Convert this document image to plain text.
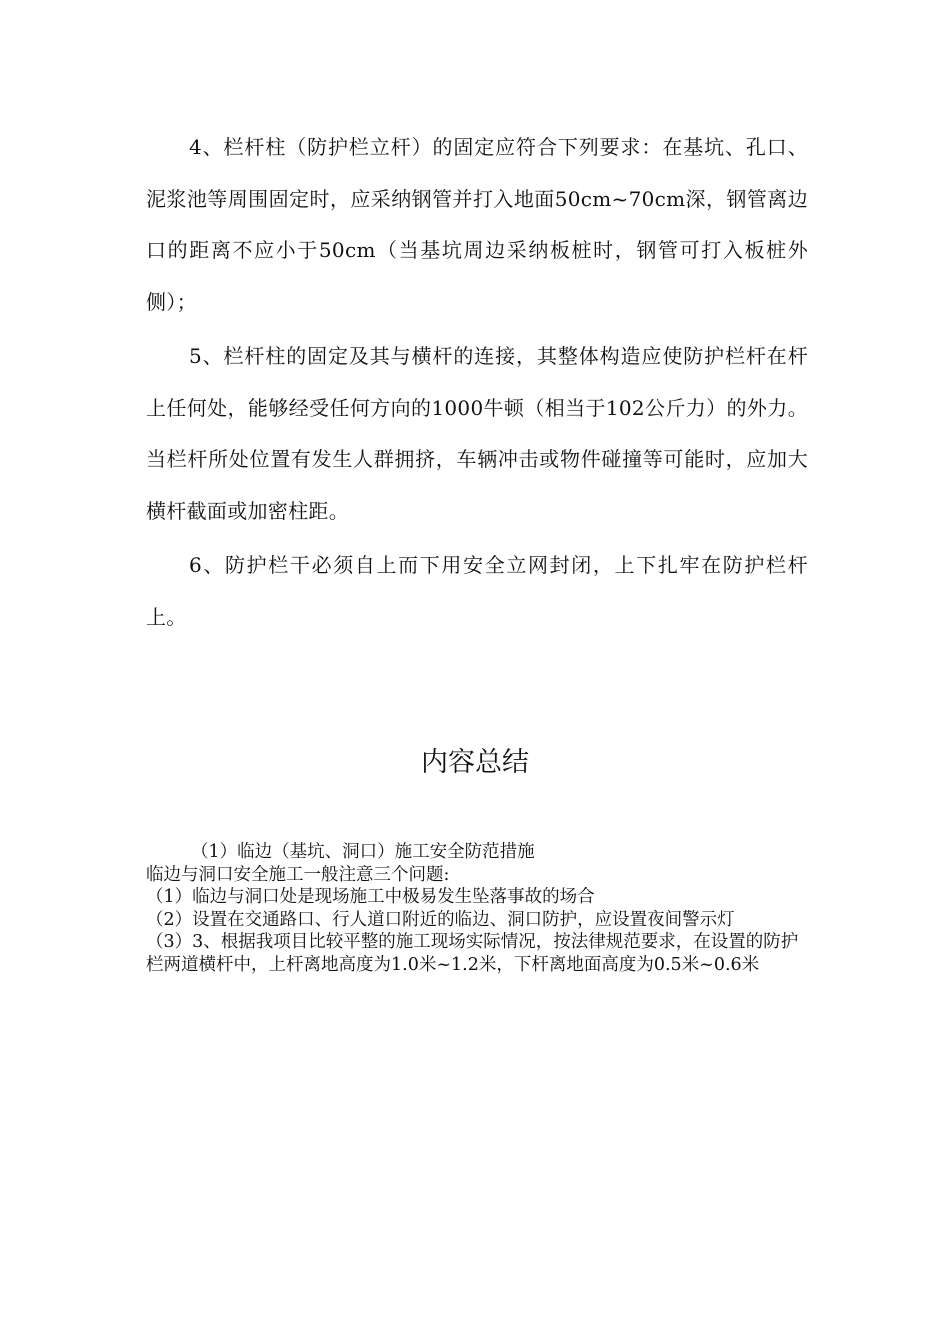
4、栏杆柱（防护栏立杆）的固定应符合下列要求：在基坑、孔口、泥浆池等周围固定时，应采纳钢管并打入地面50cm~70cm深，钢管离边口的距离不应小于50cm（当基坑周边采纳板桩时，钢管可打入板桩外侧）；

5、栏杆柱的固定及其与横杆的连接，其整体构造应使防护栏杆在杆上任何处，能够经受任何方向的1000牛顿（相当于102公斤力）的外力。当栏杆所处位置有发生人群拥挤，车辆冲击或物件碰撞等可能时，应加大横杆截面或加密柱距。

6、防护栏干必须自上而下用安全立网封闭，上下扎牢在防护栏杆上。

内容总结
（1）临边（基坑、洞口）施工安全防范措施
临边与洞口安全施工一般注意三个问题:
（1）临边与洞口处是现场施工中极易发生坠落事故的场合
（2）设置在交通路口、行人道口附近的临边、洞口防护，应设置夜间警示灯
（3）3、根据我项目比较平整的施工现场实际情况，按法律规范要求，在设置的防护栏两道横杆中，上杆离地高度为1.0米~1.2米，下杆离地面高度为0.5米~0.6米
